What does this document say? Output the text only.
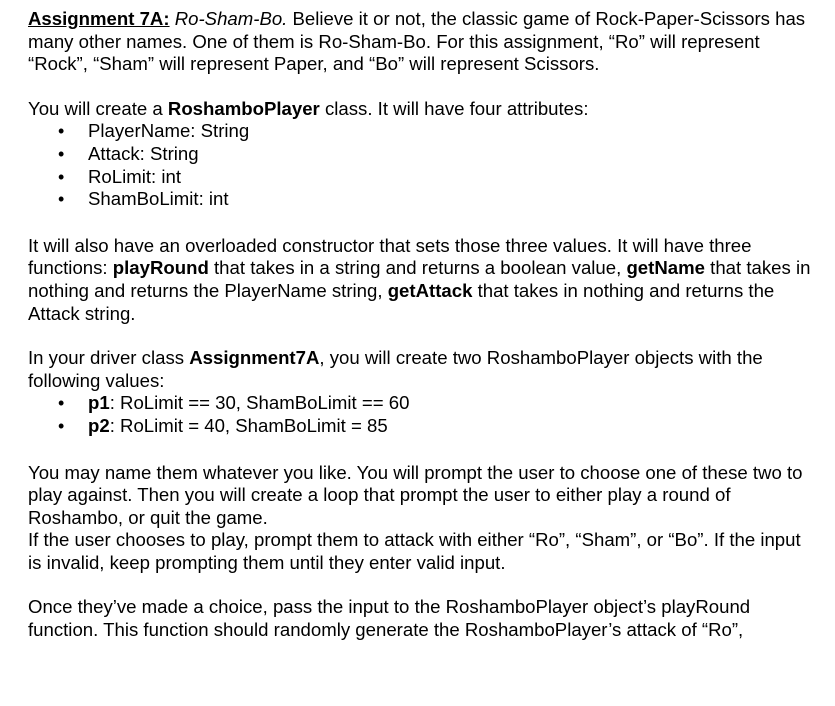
Assignment 7A: Ro-Sham-Bo. Believe it or not, the classic game of Rock-Paper-Scissors has many other names. One of them is Ro-Sham-Bo. For this assignment, “Ro” will represent “Rock”, “Sham” will represent Paper, and “Bo” will represent Scissors.

You will create a RoshamboPlayer class. It will have four attributes:

• PlayerName: String
• Attack: String
• RoLimit: int
• ShamBoLimit: int

It will also have an overloaded constructor that sets those three values. It will have three functions: playRound that takes in a string and returns a boolean value, getName that takes in nothing and returns the PlayerName string, getAttack that takes in nothing and returns the Attack string.

In your driver class Assignment7A, you will create two RoshamboPlayer objects with the following values:

• p1: RoLimit == 30, ShamBoLimit == 60
• p2: RoLimit = 40, ShamBoLimit = 85

You may name them whatever you like. You will prompt the user to choose one of these two to play against. Then you will create a loop that prompt the user to either play a round of Roshambo, or quit the game.

If the user chooses to play, prompt them to attack with either “Ro”, “Sham”, or “Bo”. If the input is invalid, keep prompting them until they enter valid input.

Once they’ve made a choice, pass the input to the RoshamboPlayer object’s playRound function. This function should randomly generate the RoshamboPlayer’s attack of “Ro”,
